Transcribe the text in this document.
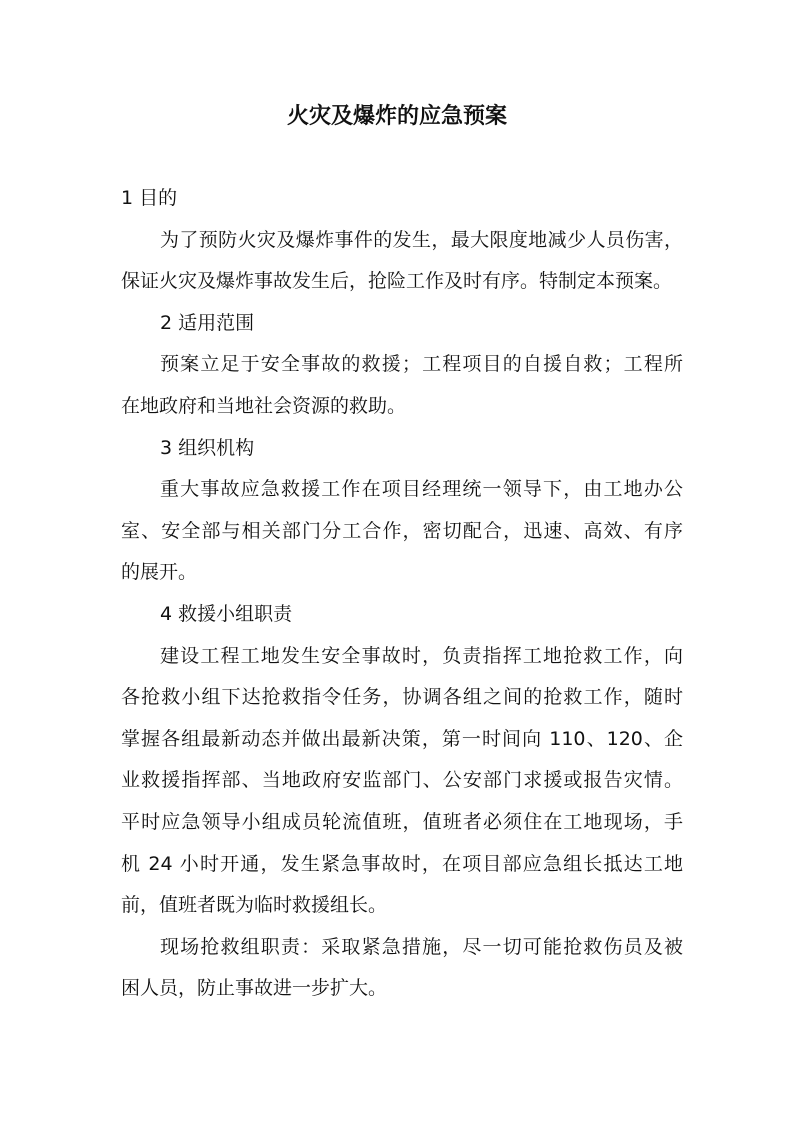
火灾及爆炸的应急预案
1 目的
为了预防火灾及爆炸事件的发生，最大限度地减少人员伤害，
保证火灾及爆炸事故发生后，抢险工作及时有序。特制定本预案。
2 适用范围
预案立足于安全事故的救援；工程项目的自援自救；工程所
在地政府和当地社会资源的救助。
3 组织机构
重大事故应急救援工作在项目经理统一领导下，由工地办公
室、安全部与相关部门分工合作，密切配合，迅速、高效、有序
的展开。
4 救援小组职责
建设工程工地发生安全事故时，负责指挥工地抢救工作，向
各抢救小组下达抢救指令任务，协调各组之间的抢救工作，随时
掌握各组最新动态并做出最新决策，第一时间向 110、120、企
业救援指挥部、当地政府安监部门、公安部门求援或报告灾情。
平时应急领导小组成员轮流值班，值班者必须住在工地现场，手
机 24 小时开通，发生紧急事故时，在项目部应急组长抵达工地
前，值班者既为临时救援组长。
现场抢救组职责：采取紧急措施，尽一切可能抢救伤员及被
困人员，防止事故进一步扩大。
